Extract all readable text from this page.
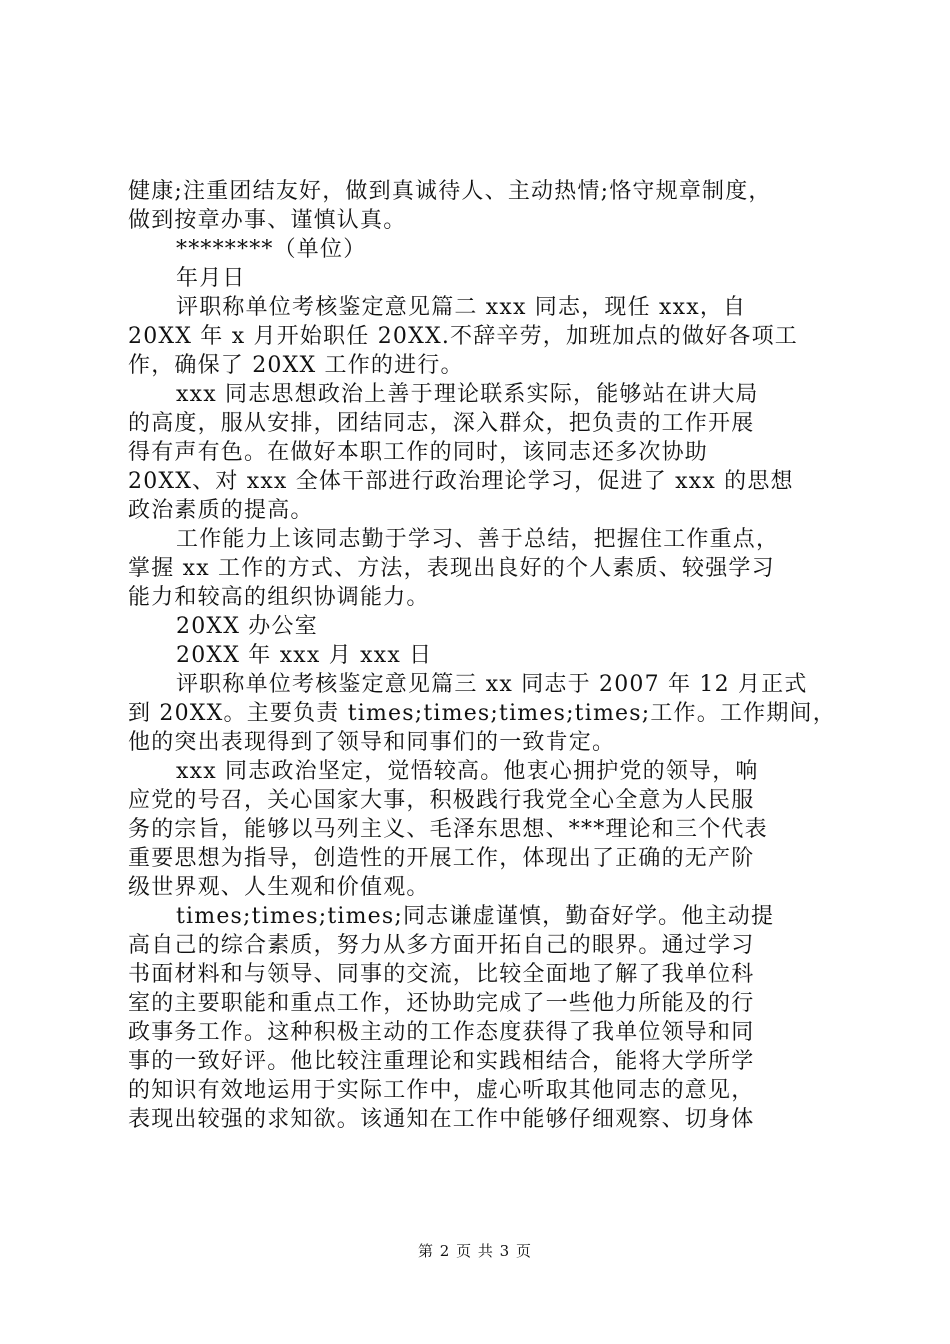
健康;注重团结友好，做到真诚待人、主动热情;恪守规章制度，
做到按章办事、谨慎认真。
********（单位）
年月日
评职称单位考核鉴定意见篇二 xxx 同志，现任 xxx，自
20XX 年 x 月开始职任 20XX.不辞辛劳，加班加点的做好各项工
作，确保了 20XX 工作的进行。
xxx 同志思想政治上善于理论联系实际，能够站在讲大局
的高度，服从安排，团结同志，深入群众，把负责的工作开展
得有声有色。在做好本职工作的同时，该同志还多次协助
20XX、对 xxx 全体干部进行政治理论学习，促进了 xxx 的思想
政治素质的提高。
工作能力上该同志勤于学习、善于总结，把握住工作重点，
掌握 xx 工作的方式、方法，表现出良好的个人素质、较强学习
能力和较高的组织协调能力。
20XX 办公室
20XX 年 xxx 月 xxx 日
评职称单位考核鉴定意见篇三 xx 同志于 2007 年 12 月正式
到 20XX。主要负责 times;times;times;times;工作。工作期间，
他的突出表现得到了领导和同事们的一致肯定。
xxx 同志政治坚定，觉悟较高。他衷心拥护党的领导，响
应党的号召，关心国家大事，积极践行我党全心全意为人民服
务的宗旨，能够以马列主义、毛泽东思想、***理论和三个代表
重要思想为指导，创造性的开展工作，体现出了正确的无产阶
级世界观、人生观和价值观。
times;times;times;同志谦虚谨慎，勤奋好学。他主动提
高自己的综合素质，努力从多方面开拓自己的眼界。通过学习
书面材料和与领导、同事的交流，比较全面地了解了我单位科
室的主要职能和重点工作，还协助完成了一些他力所能及的行
政事务工作。这种积极主动的工作态度获得了我单位领导和同
事的一致好评。他比较注重理论和实践相结合，能将大学所学
的知识有效地运用于实际工作中，虚心听取其他同志的意见，
表现出较强的求知欲。该通知在工作中能够仔细观察、切身体
第 2 页 共 3 页
